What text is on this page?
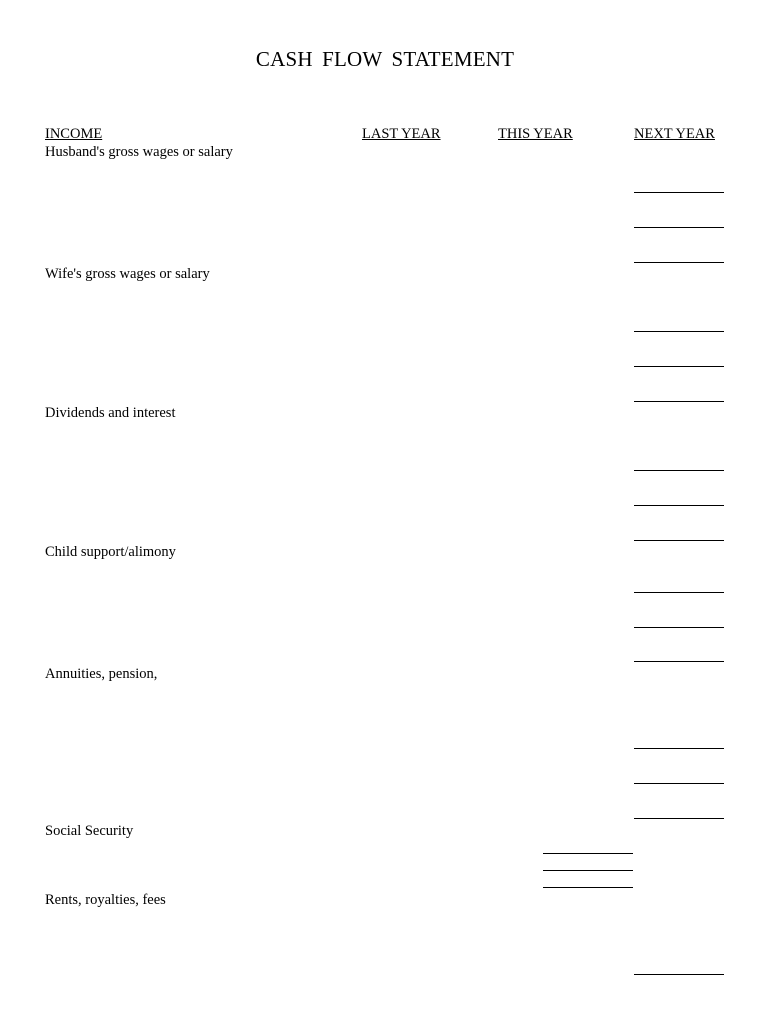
CASH FLOW STATEMENT
INCOME	LAST YEAR	THIS YEAR	NEXT YEAR
Husband's gross wages or salary
Wife's gross wages or salary
Dividends and interest
Child support/alimony
Annuities, pension,
Social Security
Rents, royalties, fees
